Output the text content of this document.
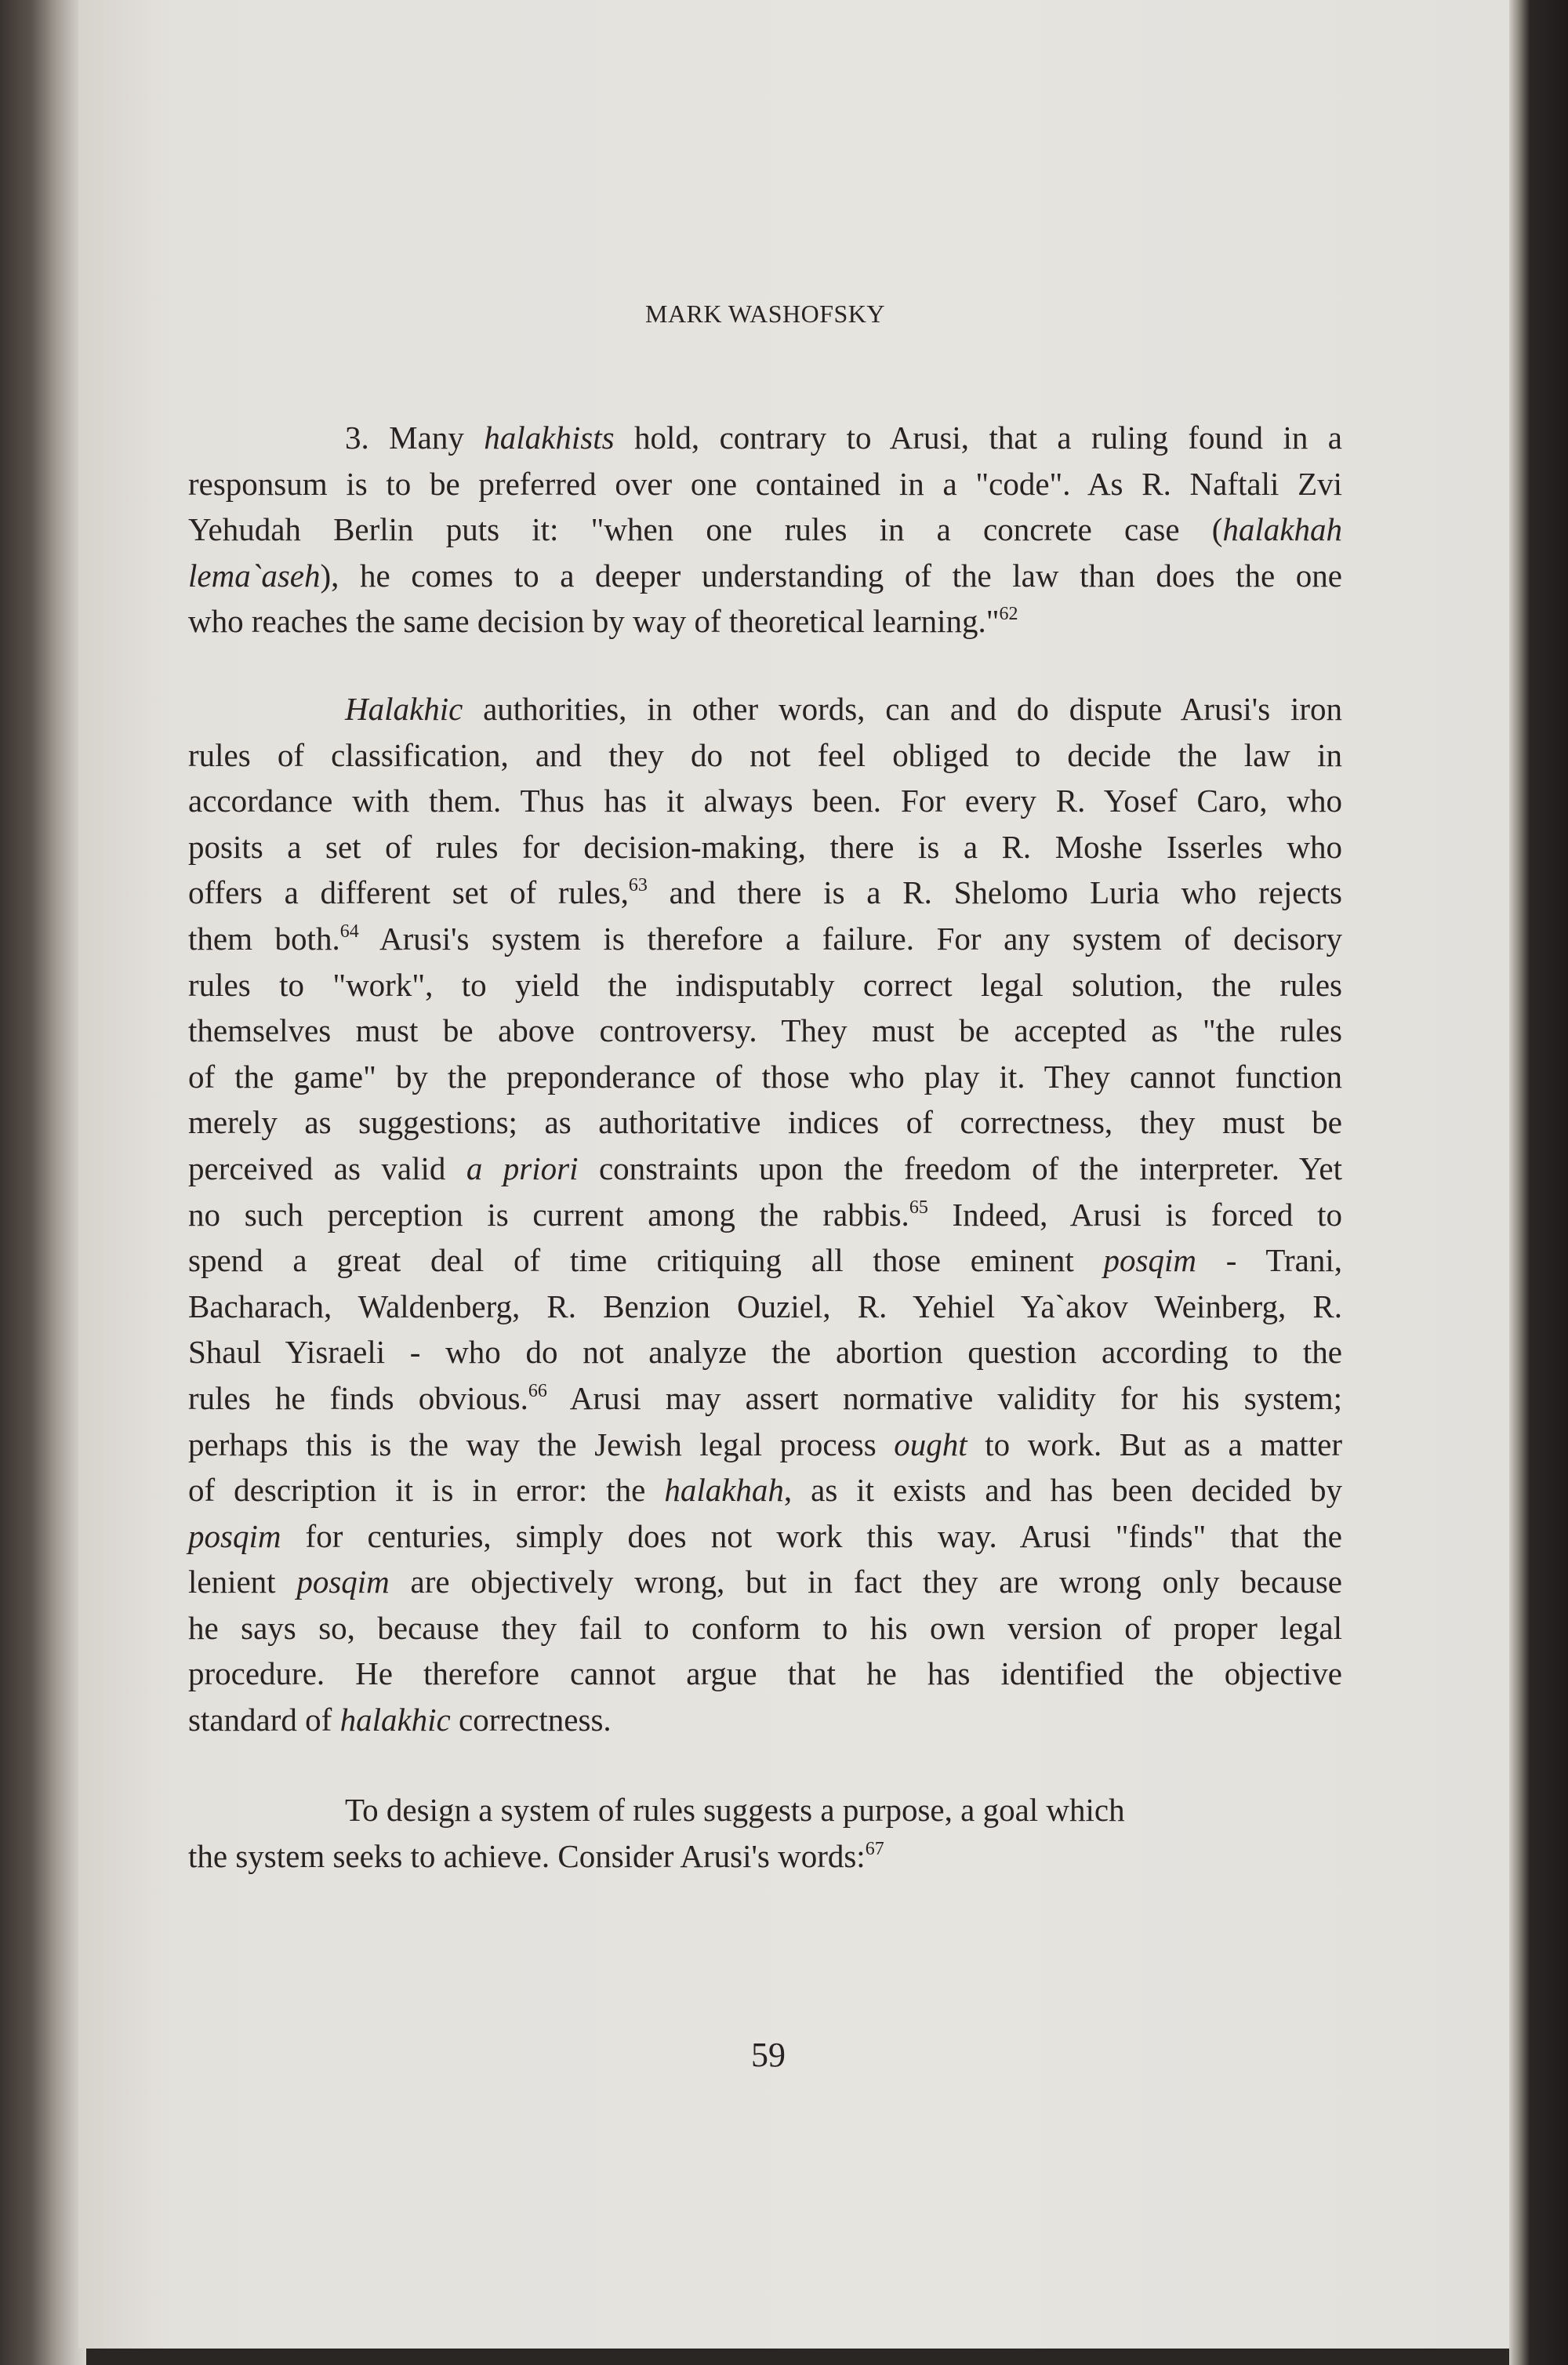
MARK WASHOFSKY
3. Many halakhists hold, contrary to Arusi, that a ruling found in a
responsum is to be preferred over one contained in a "code". As R. Naftali Zvi
Yehudah Berlin puts it: "when one rules in a concrete case (halakhah
lema`aseh), he comes to a deeper understanding of the law than does the one
who reaches the same decision by way of theoretical learning."$^{62}$
Halakhic authorities, in other words, can and do dispute Arusi's iron
rules of classification, and they do not feel obliged to decide the law in
accordance with them. Thus has it always been. For every R. Yosef Caro, who
posits a set of rules for decision-making, there is a R. Moshe Isserles who
offers a different set of rules,$^{63}$ and there is a R. Shelomo Luria who rejects
them both.$^{64}$ Arusi's system is therefore a failure. For any system of decisory
rules to "work", to yield the indisputably correct legal solution, the rules
themselves must be above controversy. They must be accepted as "the rules
of the game" by the preponderance of those who play it. They cannot function
merely as suggestions; as authoritative indices of correctness, they must be
perceived as valid a priori constraints upon the freedom of the interpreter. Yet
no such perception is current among the rabbis.$^{65}$ Indeed, Arusi is forced to
spend a great deal of time critiquing all those eminent posqim - Trani,
Bacharach, Waldenberg, R. Benzion Ouziel, R. Yehiel Ya`akov Weinberg, R.
Shaul Yisraeli - who do not analyze the abortion question according to the
rules he finds obvious.$^{66}$ Arusi may assert normative validity for his system;
perhaps this is the way the Jewish legal process ought to work. But as a matter
of description it is in error: the halakhah, as it exists and has been decided by
posqim for centuries, simply does not work this way. Arusi "finds" that the
lenient posqim are objectively wrong, but in fact they are wrong only because
he says so, because they fail to conform to his own version of proper legal
procedure. He therefore cannot argue that he has identified the objective
standard of halakhic correctness.
To design a system of rules suggests a purpose, a goal which
the system seeks to achieve. Consider Arusi's words:$^{67}$
59
